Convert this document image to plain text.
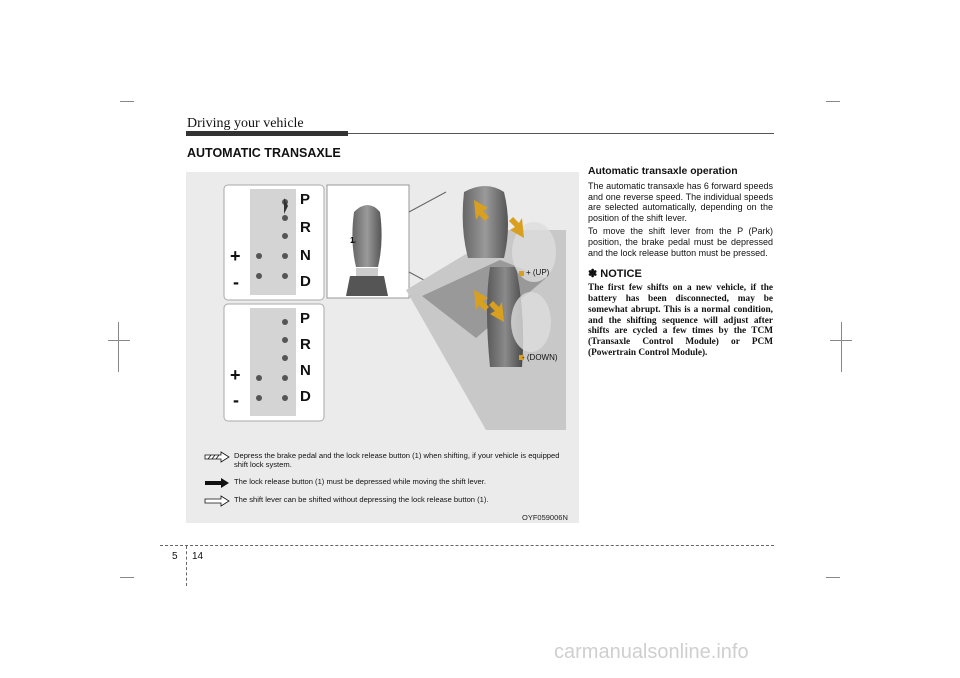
Driving your vehicle
AUTOMATIC TRANSAXLE
P
R
N
D
+
-
P
R
N
D
+
-
1
+ (UP)
- (DOWN)
Depress the brake pedal and the lock release button (1) when shifting, if your vehicle is equipped shift lock system.
The lock release button (1) must be depressed while moving the shift lever.
The shift lever can be shifted without depressing the lock release button (1).
OYF059006N

Automatic transaxle operation

The automatic transaxle has 6 forward speeds and one reverse speed. The individual speeds are selected automatically, depending on the position of the shift lever.

To move the shift lever from the P (Park) position, the brake pedal must be depressed and the lock release button must be pressed.

✽ NOTICE

The first few shifts on a new vehicle, if the battery has been disconnected, may be somewhat abrupt. This is a normal condition, and the shifting sequence will adjust after shifts are cycled a few times by the TCM (Transaxle Control Module) or PCM (Powertrain Control Module).

5 14
carmanualsonline.info
